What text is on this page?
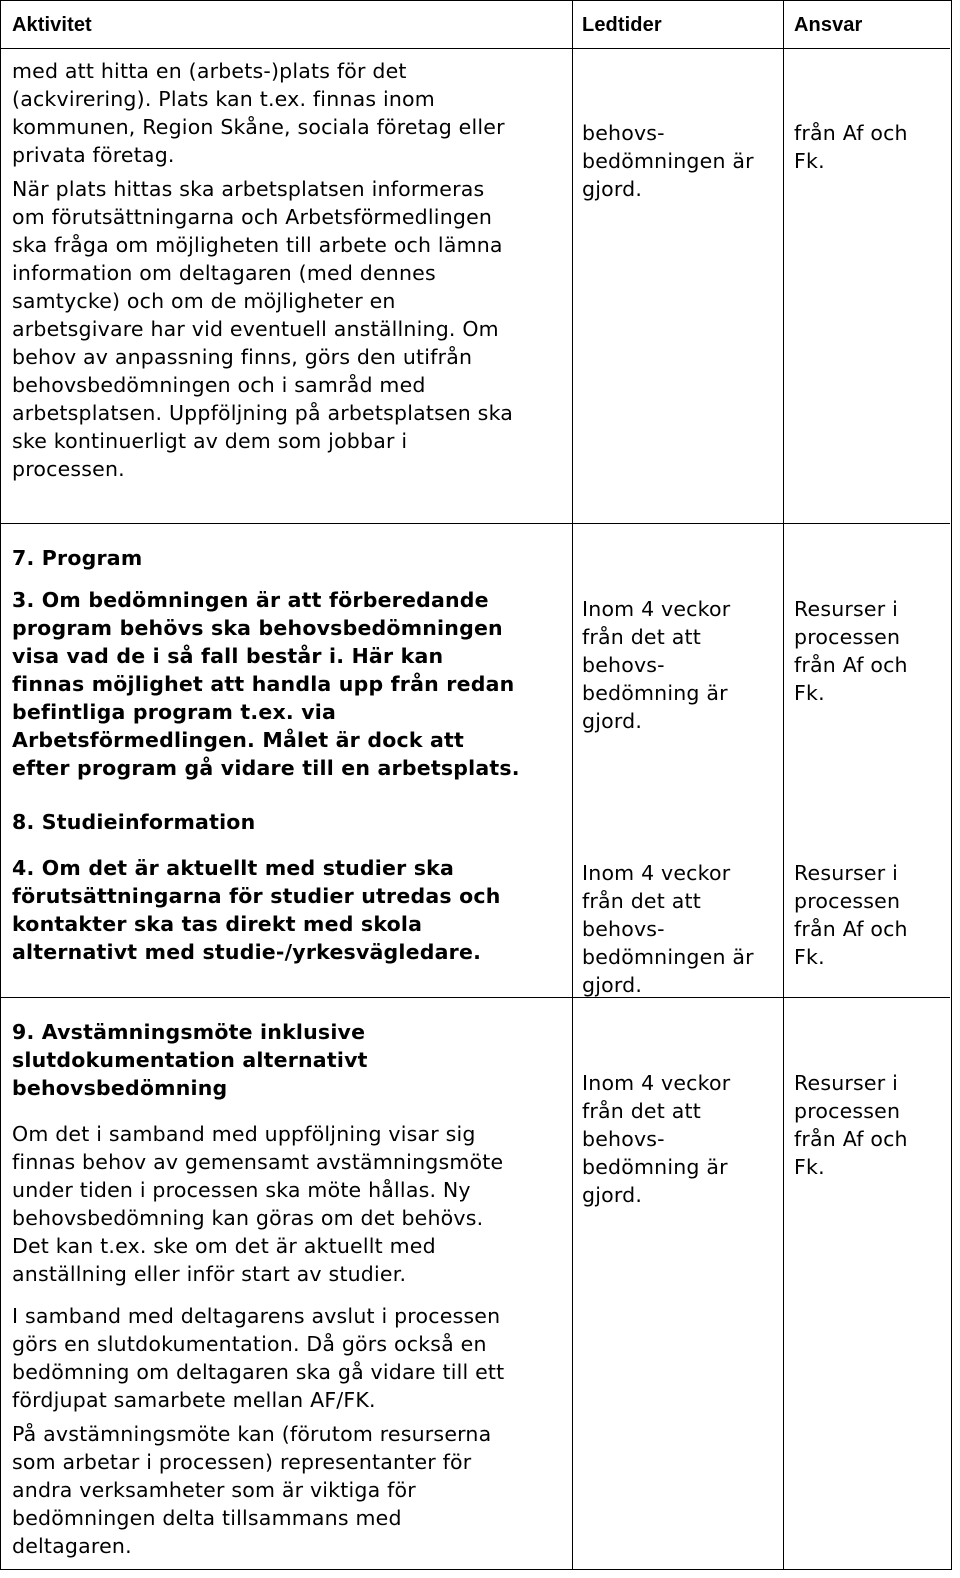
Aktivitet	Ledtider	Ansvar

med att hitta en (arbets-)plats för det
(ackvirering). Plats kan t.ex. finnas inom
kommunen, Region Skåne, sociala företag eller
privata företag.

När plats hittas ska arbetsplatsen informeras
om förutsättningarna och Arbetsförmedlingen
ska fråga om möjligheten till arbete och lämna
information om deltagaren (med dennes
samtycke) och om de möjligheter en
arbetsgivare har vid eventuell anställning. Om
behov av anpassning finns, görs den utifrån
behovsbedömningen och i samråd med
arbetsplatsen. Uppföljning på arbetsplatsen ska
ske kontinuerligt av dem som jobbar i
processen.

behovs-
bedömningen är
gjord.

från Af och
Fk.

7. Program

3. Om bedömningen är att förberedande
program behövs ska behovsbedömningen
visa vad de i så fall består i. Här kan
finnas möjlighet att handla upp från redan
befintliga program t.ex. via
Arbetsförmedlingen. Målet är dock att
efter program gå vidare till en arbetsplats.

Inom 4 veckor
från det att
behovs-
bedömning är
gjord.

Resurser i
processen
från Af och
Fk.

8. Studieinformation

4. Om det är aktuellt med studier ska
förutsättningarna för studier utredas och
kontakter ska tas direkt med skola
alternativt med studie-/yrkesvägledare.

Inom 4 veckor
från det att
behovs-
bedömningen är
gjord.

Resurser i
processen
från Af och
Fk.

9. Avstämningsmöte inklusive
slutdokumentation alternativt
behovsbedömning

Om det i samband med uppföljning visar sig
finnas behov av gemensamt avstämningsmöte
under tiden i processen ska möte hållas. Ny
behovsbedömning kan göras om det behövs.
Det kan t.ex. ske om det är aktuellt med
anställning eller inför start av studier.

I samband med deltagarens avslut i processen
görs en slutdokumentation. Då görs också en
bedömning om deltagaren ska gå vidare till ett
fördjupat samarbete mellan AF/FK.

På avstämningsmöte kan (förutom resurserna
som arbetar i processen) representanter för
andra verksamheter som är viktiga för
bedömningen delta tillsammans med
deltagaren.

Inom 4 veckor
från det att
behovs-
bedömning är
gjord.

Resurser i
processen
från Af och
Fk.
